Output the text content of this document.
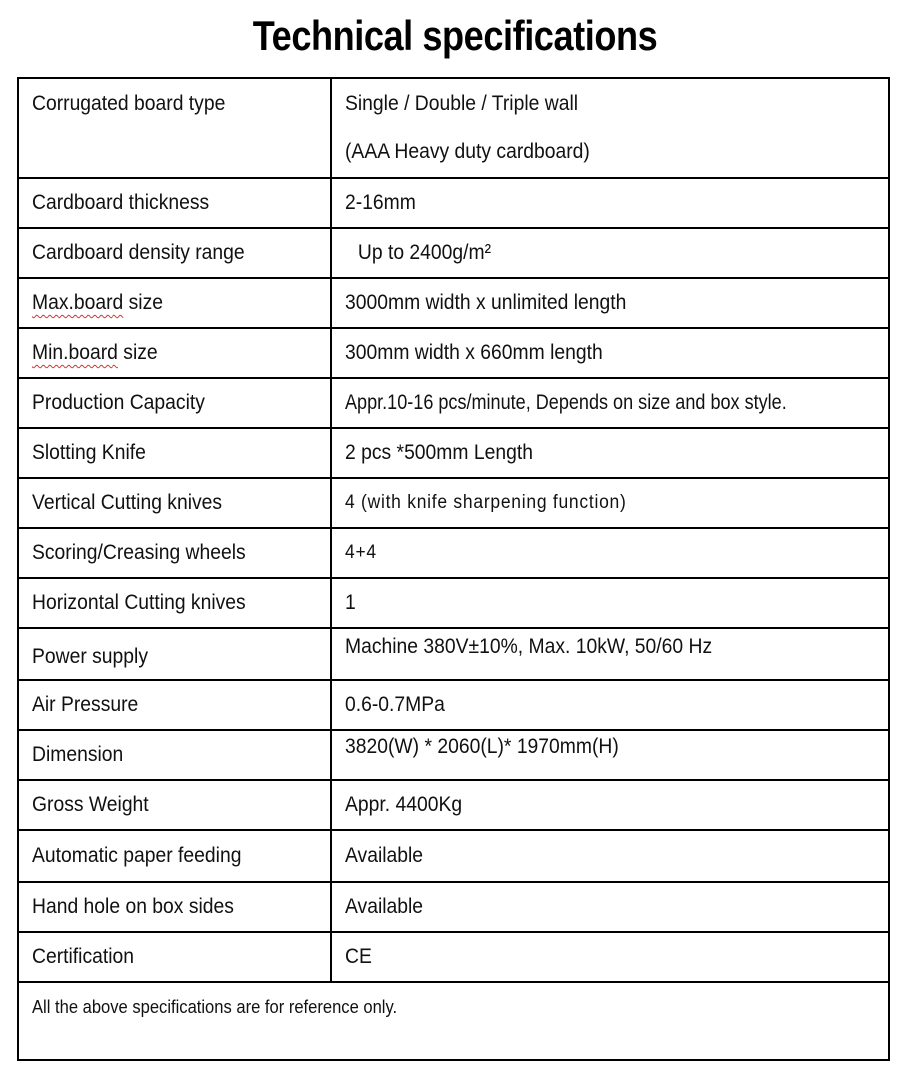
Technical specifications
Corrugated board type	Single / Double / Triple wall
(AAA Heavy duty cardboard)

Cardboard thickness	2-16mm

Cardboard density range	Up to 2400g/m²

Max.board size	3000mm width x unlimited length

Min.board size	300mm width x 660mm length

Production Capacity	Appr.10-16 pcs/minute, Depends on size and box style.

Slotting Knife	2 pcs *500mm Length

Vertical Cutting knives	4 (with knife sharpening function)

Scoring/Creasing wheels	4+4

Horizontal Cutting knives	1

Power supply	Machine 380V±10%, Max. 10kW, 50/60 Hz

Air Pressure	0.6-0.7MPa

Dimension	3820(W) * 2060(L)* 1970mm(H)

Gross Weight	Appr. 4400Kg

Automatic paper feeding	Available

Hand hole on box sides	Available

Certification	CE

All the above specifications are for reference only.	
